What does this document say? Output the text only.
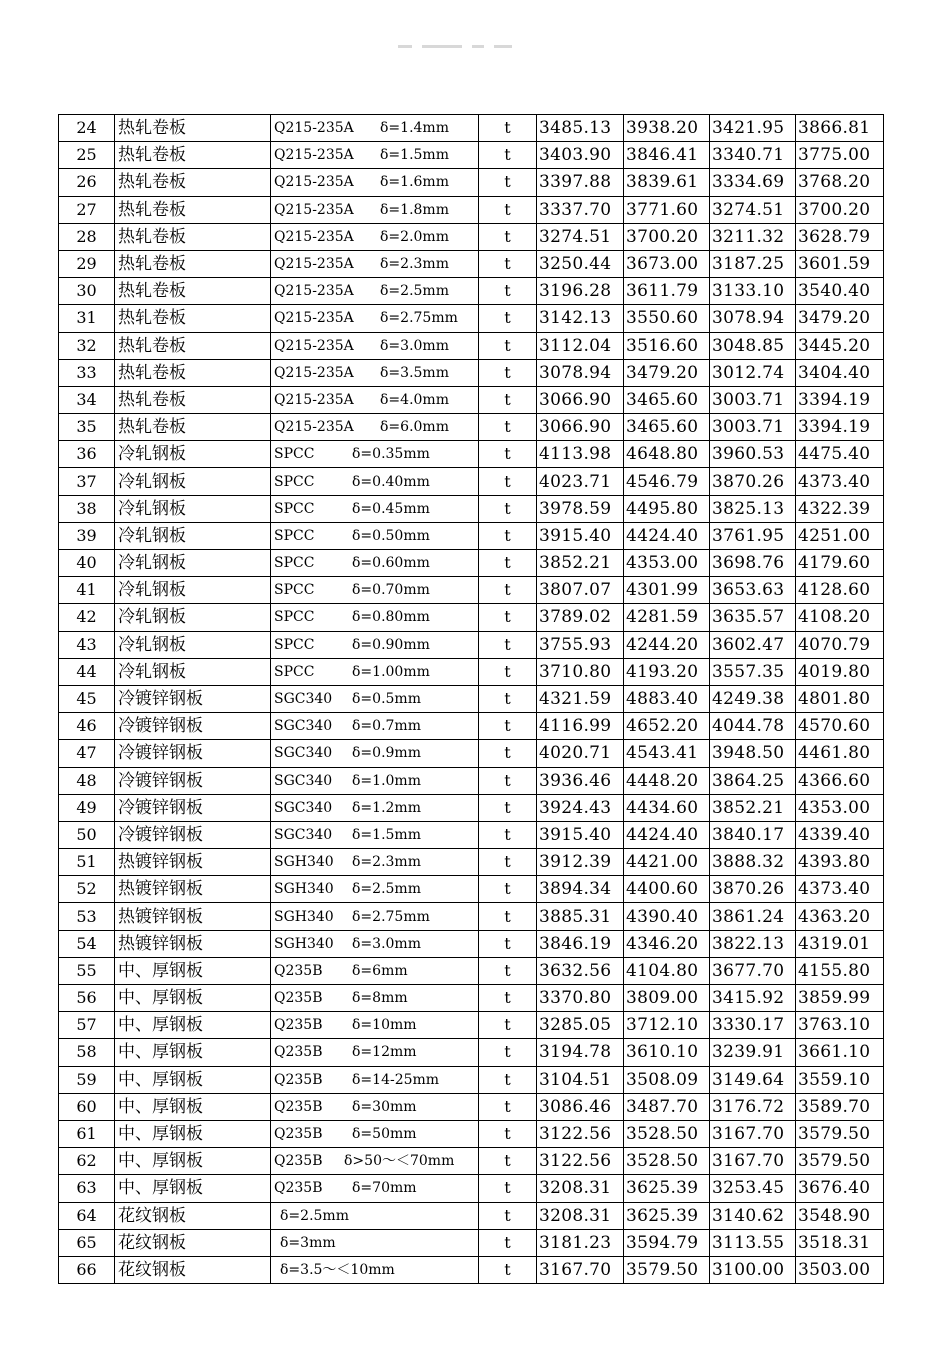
24	热轧卷板	Q215-235A δ=1.4mm	t	3485.13	3938.20	3421.95	3866.81
25	热轧卷板	Q215-235A δ=1.5mm	t	3403.90	3846.41	3340.71	3775.00
26	热轧卷板	Q215-235A δ=1.6mm	t	3397.88	3839.61	3334.69	3768.20
27	热轧卷板	Q215-235A δ=1.8mm	t	3337.70	3771.60	3274.51	3700.20
28	热轧卷板	Q215-235A δ=2.0mm	t	3274.51	3700.20	3211.32	3628.79
29	热轧卷板	Q215-235A δ=2.3mm	t	3250.44	3673.00	3187.25	3601.59
30	热轧卷板	Q215-235A δ=2.5mm	t	3196.28	3611.79	3133.10	3540.40
31	热轧卷板	Q215-235A δ=2.75mm	t	3142.13	3550.60	3078.94	3479.20
32	热轧卷板	Q215-235A δ=3.0mm	t	3112.04	3516.60	3048.85	3445.20
33	热轧卷板	Q215-235A δ=3.5mm	t	3078.94	3479.20	3012.74	3404.40
34	热轧卷板	Q215-235A δ=4.0mm	t	3066.90	3465.60	3003.71	3394.19
35	热轧卷板	Q215-235A δ=6.0mm	t	3066.90	3465.60	3003.71	3394.19
36	冷轧钢板	SPCC δ=0.35mm	t	4113.98	4648.80	3960.53	4475.40
37	冷轧钢板	SPCC δ=0.40mm	t	4023.71	4546.79	3870.26	4373.40
38	冷轧钢板	SPCC δ=0.45mm	t	3978.59	4495.80	3825.13	4322.39
39	冷轧钢板	SPCC δ=0.50mm	t	3915.40	4424.40	3761.95	4251.00
40	冷轧钢板	SPCC δ=0.60mm	t	3852.21	4353.00	3698.76	4179.60
41	冷轧钢板	SPCC δ=0.70mm	t	3807.07	4301.99	3653.63	4128.60
42	冷轧钢板	SPCC δ=0.80mm	t	3789.02	4281.59	3635.57	4108.20
43	冷轧钢板	SPCC δ=0.90mm	t	3755.93	4244.20	3602.47	4070.79
44	冷轧钢板	SPCC δ=1.00mm	t	3710.80	4193.20	3557.35	4019.80
45	冷镀锌钢板	SGC340 δ=0.5mm	t	4321.59	4883.40	4249.38	4801.80
46	冷镀锌钢板	SGC340 δ=0.7mm	t	4116.99	4652.20	4044.78	4570.60
47	冷镀锌钢板	SGC340 δ=0.9mm	t	4020.71	4543.41	3948.50	4461.80
48	冷镀锌钢板	SGC340 δ=1.0mm	t	3936.46	4448.20	3864.25	4366.60
49	冷镀锌钢板	SGC340 δ=1.2mm	t	3924.43	4434.60	3852.21	4353.00
50	冷镀锌钢板	SGC340 δ=1.5mm	t	3915.40	4424.40	3840.17	4339.40
51	热镀锌钢板	SGH340 δ=2.3mm	t	3912.39	4421.00	3888.32	4393.80
52	热镀锌钢板	SGH340 δ=2.5mm	t	3894.34	4400.60	3870.26	4373.40
53	热镀锌钢板	SGH340 δ=2.75mm	t	3885.31	4390.40	3861.24	4363.20
54	热镀锌钢板	SGH340 δ=3.0mm	t	3846.19	4346.20	3822.13	4319.01
55	中、厚钢板	Q235B δ=6mm	t	3632.56	4104.80	3677.70	4155.80
56	中、厚钢板	Q235B δ=8mm	t	3370.80	3809.00	3415.92	3859.99
57	中、厚钢板	Q235B δ=10mm	t	3285.05	3712.10	3330.17	3763.10
58	中、厚钢板	Q235B δ=12mm	t	3194.78	3610.10	3239.91	3661.10
59	中、厚钢板	Q235B δ=14-25mm	t	3104.51	3508.09	3149.64	3559.10
60	中、厚钢板	Q235B δ=30mm	t	3086.46	3487.70	3176.72	3589.70
61	中、厚钢板	Q235B δ=50mm	t	3122.56	3528.50	3167.70	3579.50
62	中、厚钢板	Q235B δ>50～＜70mm	t	3122.56	3528.50	3167.70	3579.50
63	中、厚钢板	Q235B δ=70mm	t	3208.31	3625.39	3253.45	3676.40
64	花纹钢板	δ=2.5mm	t	3208.31	3625.39	3140.62	3548.90
65	花纹钢板	δ=3mm	t	3181.23	3594.79	3113.55	3518.31
66	花纹钢板	δ=3.5～＜10mm	t	3167.70	3579.50	3100.00	3503.00
